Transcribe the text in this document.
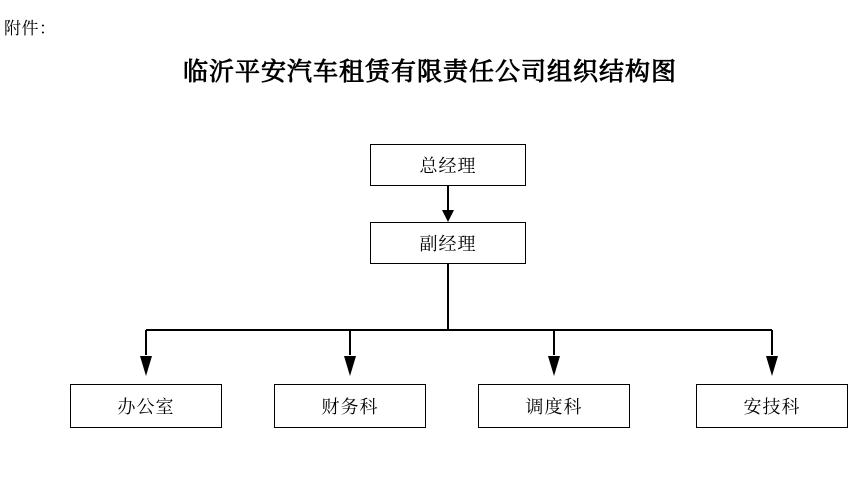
附件：
临沂平安汽车租赁有限责任公司组织结构图
总经理
副经理
办公室	财务科	调度科	安技科
